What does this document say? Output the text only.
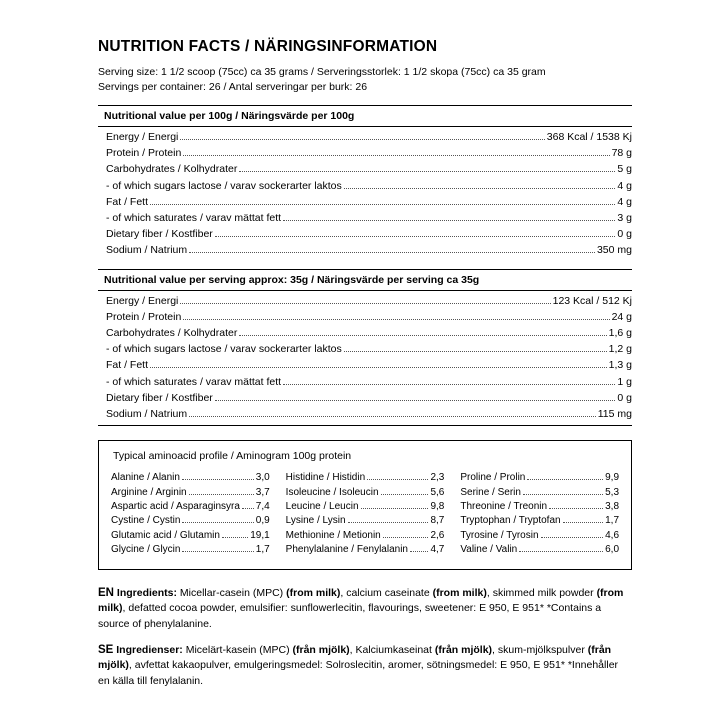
NUTRITION FACTS / NÄRINGSINFORMATION

Serving size: 1 1/2 scoop (75cc) ca 35 grams / Serveringsstorlek: 1 1/2 skopa (75cc) ca 35 gram

Servings per container: 26 / Antal serveringar per burk: 26

Nutritional value per 100g / Näringsvärde per 100g
Energy / Energi	368 Kcal / 1538 Kj
Protein / Protein	78 g
Carbohydrates / Kolhydrater	5 g
- of which sugars lactose / varav sockerarter laktos	4 g
Fat / Fett	4 g
- of which saturates / varav mättat fett	3 g
Dietary fiber / Kostfiber	0 g
Sodium / Natrium	350 mg
Nutritional value per serving approx: 35g / Näringsvärde per serving ca 35g
Energy / Energi	123 Kcal / 512 Kj
Protein / Protein	24 g
Carbohydrates / Kolhydrater	1,6 g
- of which sugars lactose / varav sockerarter laktos	1,2 g
Fat / Fett	1,3 g
- of which saturates / varav mättat fett	1 g
Dietary fiber / Kostfiber	0 g
Sodium / Natrium	115 mg
Typical aminoacid profile / Aminogram 100g protein
Alanine / Alanin	3,0
Arginine / Arginin	3,7
Aspartic acid / Asparaginsyra 7,4
Cystine / Cystin	0,9
Glutamic acid / Glutamin	19,1
Glycine / Glycin	1,7
Histidine / Histidin	2,3
Isoleucine / Isoleucin	5,6
Leucine / Leucin	9,8
Lysine / Lysin	8,7
Methionine / Metionin	2,6
Phenylalanine / Fenylalanin 4,7
Proline / Prolin	9,9
Serine / Serin	5,3
Threonine / Treonin	3,8
Tryptophan / Tryptofan	1,7
Tyrosine / Tyrosin	4,6
Valine / Valin	6,0

EN Ingredients: Micellar-casein (MPC) (from milk), calcium caseinate (from milk), skimmed milk powder (from milk), defatted cocoa powder, emulsifier: sunflowerlecitin, flavourings, sweetener: E 950, E 951* *Contains a source of phenylalanine.

SE Ingredienser: Micelärt-kasein (MPC) (från mjölk), Kalciumkaseinat (från mjölk), skum-mjölkspulver (från mjölk), avfettat kakaopulver, emulgeringsmedel: Solroslecitin, aromer, sötningsmedel: E 950, E 951* *Innehåller en källa till fenylalanin.
